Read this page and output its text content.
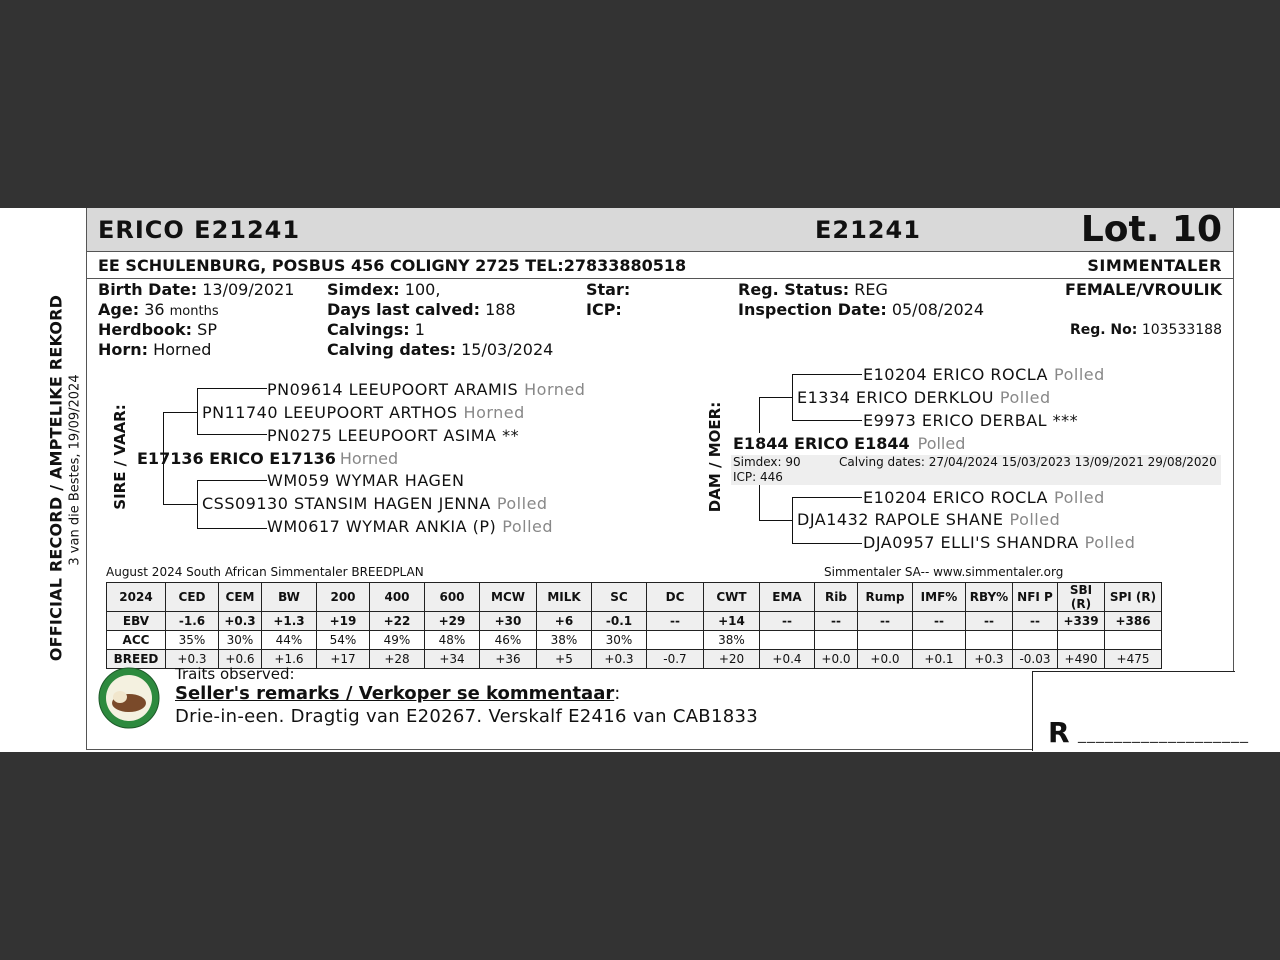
OFFICIAL RECORD / AMPTELIKE REKORD 3 van die Bestes, 19/09/2024
ERICO E21241	E21241	Lot. 10
EE SCHULENBURG, POSBUS 456 COLIGNY 2725 TEL:27833880518	SIMMENTALER
Birth Date: 13/09/2021
Age: 36 months
Herdbook: SP
Horn: Horned
Simdex: 100,
Days last calved: 188
Calvings: 1
Calving dates: 15/03/2024
Star:
ICP:
Reg. Status: REG
Inspection Date: 05/08/2024
FEMALE/VROULIK
Reg. No: 103533188
SIRE / VAAR:
PN09614 LEEUPOORT ARAMIS Horned
PN11740 LEEUPOORT ARTHOS Horned
PN0275 LEEUPOORT ASIMA **
E17136 ERICO E17136 Horned
WM059 WYMAR HAGEN
CSS09130 STANSIM HAGEN JENNA Polled
WM0617 WYMAR ANKIA (P) Polled
DAM / MOER:
E10204 ERICO ROCLA Polled
E1334 ERICO DERKLOU Polled
E9973 ERICO DERBAL ***
E1844 ERICO E1844 Polled
Simdex: 90
ICP: 446
Calving dates: 27/04/2024 15/03/2023 13/09/2021 29/08/2020
E10204 ERICO ROCLA Polled
DJA1432 RAPOLE SHANE Polled
DJA0957 ELLI'S SHANDRA Polled
August 2024 South African Simmentaler BREEDPLAN	Simmentaler SA-- www.simmentaler.org
2024	CED	CEM	BW	200	400	600	MCW	MILK	SC	DC	CWT	EMA	Rib	Rump	IMF%	RBY%	NFI P	SBI (R)	SPI (R)
EBV	-1.6	+0.3	+1.3	+19	+22	+29	+30	+6	-0.1	--	+14	--	--	--	--	--	--	+339	+386
ACC	35%	30%	44%	54%	49%	48%	46%	38%	30%		38%								
BREED	+0.3	+0.6	+1.6	+17	+28	+34	+36	+5	+0.3	-0.7	+20	+0.4	+0.0	+0.0	+0.1	+0.3	-0.03	+490	+475
Traits observed:
Seller's remarks / Verkoper se kommentaar:
Drie-in-een. Dragtig van E20267. Verskalf E2416 van CAB1833	R ___________________
